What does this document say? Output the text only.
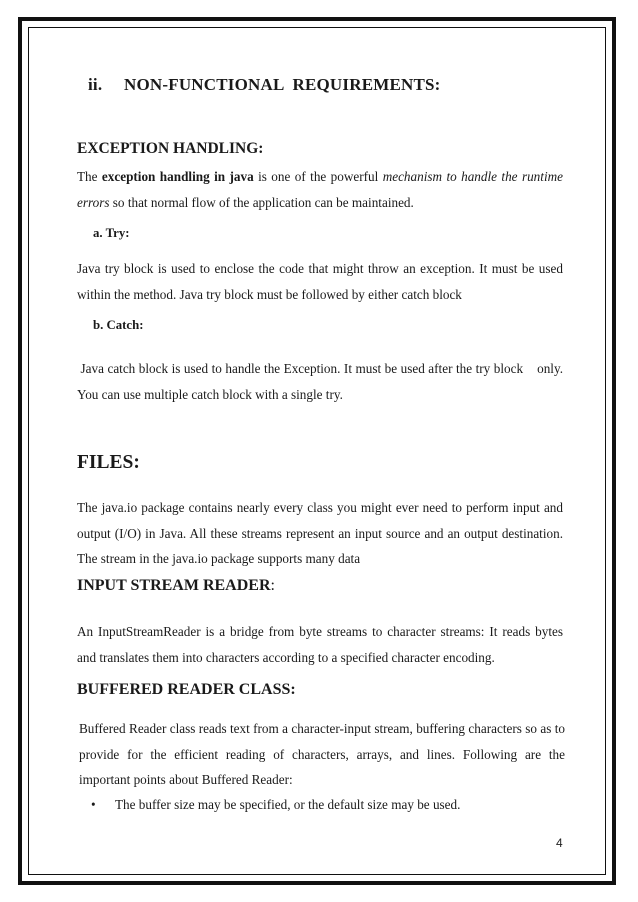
ii. NON-FUNCTIONAL  REQUIREMENTS:
EXCEPTION HANDLING:
The exception handling in java is one of the powerful mechanism to handle the runtime errors so that normal flow of the application can be maintained.
a. Try:
Java try block is used to enclose the code that might throw an exception. It must be used within the method. Java try block must be followed by either catch block
b. Catch:
Java catch block is used to handle the Exception. It must be used after the try block    only. You can use multiple catch block with a single try.
FILES:
The java.io package contains nearly every class you might ever need to perform input and output (I/O) in Java. All these streams represent an input source and an output destination. The stream in the java.io package supports many data
INPUT STREAM READER:
An InputStreamReader is a bridge from byte streams to character streams: It reads bytes and translates them into characters according to a specified character encoding.
BUFFERED READER CLASS:
Buffered Reader class reads text from a character-input stream, buffering characters so as to provide for the efficient reading of characters, arrays, and lines. Following are the important points about Buffered Reader:
• The buffer size may be specified, or the default size may be used.
4
